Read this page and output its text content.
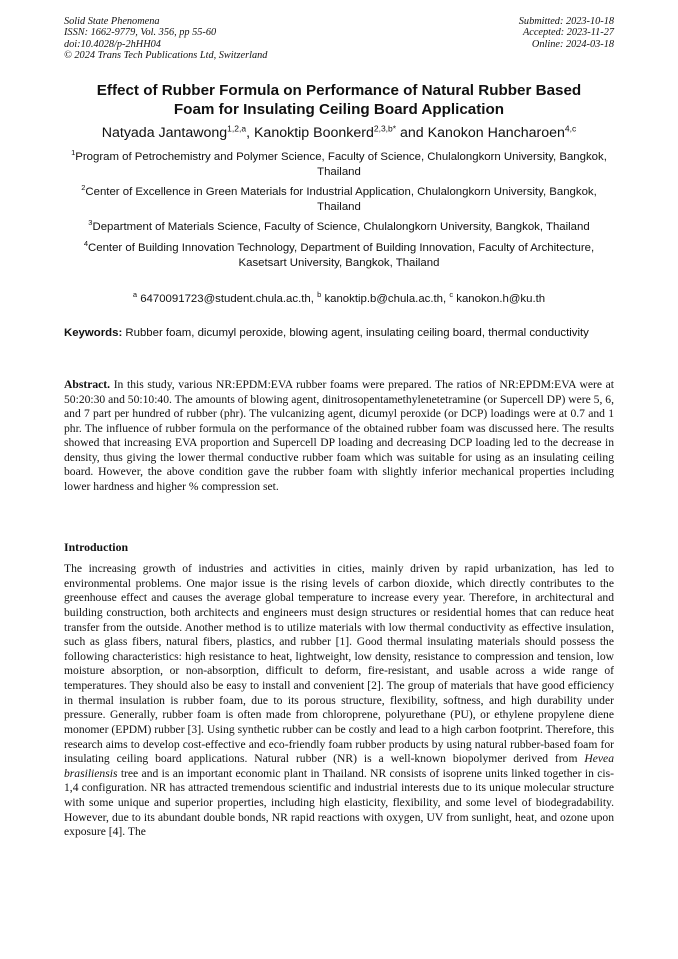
Solid State Phenomena
ISSN: 1662-9779, Vol. 356, pp 55-60
doi:10.4028/p-2hHH04
© 2024 Trans Tech Publications Ltd, Switzerland
Submitted: 2023-10-18
Accepted: 2023-11-27
Online: 2024-03-18
Effect of Rubber Formula on Performance of Natural Rubber Based
Foam for Insulating Ceiling Board Application
Natyada Jantawong$^{1,2,a}$, Kanoktip Boonkerd$^{2,3,b*}$ and Kanokon Hancharoen$^{4,c}$
$^1$Program of Petrochemistry and Polymer Science, Faculty of Science, Chulalongkorn University, Bangkok, Thailand
$^2$Center of Excellence in Green Materials for Industrial Application, Chulalongkorn University, Bangkok, Thailand
$^3$Department of Materials Science, Faculty of Science, Chulalongkorn University, Bangkok, Thailand
$^4$Center of Building Innovation Technology, Department of Building Innovation, Faculty of Architecture, Kasetsart University, Bangkok, Thailand
$^a$ 6470091723@student.chula.ac.th, $^b$ kanoktip.b@chula.ac.th, $^c$ kanokon.h@ku.th
Keywords: Rubber foam, dicumyl peroxide, blowing agent, insulating ceiling board, thermal conductivity
Abstract. In this study, various NR:EPDM:EVA rubber foams were prepared. The ratios of NR:EPDM:EVA were at 50:20:30 and 50:10:40. The amounts of blowing agent, dinitrosopentamethylenetetramine (or Supercell DP) were 5, 6, and 7 part per hundred of rubber (phr). The vulcanizing agent, dicumyl peroxide (or DCP) loadings were at 0.7 and 1 phr. The influence of rubber formula on the performance of the obtained rubber foam was discussed here. The results showed that increasing EVA proportion and Supercell DP loading and decreasing DCP loading led to the decrease in density, thus giving the lower thermal conductive rubber foam which was suitable for using as an insulating ceiling board. However, the above condition gave the rubber foam with slightly inferior mechanical properties including lower hardness and higher % compression set.
Introduction
The increasing growth of industries and activities in cities, mainly driven by rapid urbanization, has led to environmental problems. One major issue is the rising levels of carbon dioxide, which directly contributes to the greenhouse effect and causes the average global temperature to increase every year. Therefore, in architectural and building construction, both architects and engineers must design structures or residential homes that can reduce heat transfer from the outside. Another method is to utilize materials with low thermal conductivity as effective insulation, such as glass fibers, natural fibers, plastics, and rubber [1]. Good thermal insulating materials should possess the following characteristics: high resistance to heat, lightweight, low density, resistance to compression and tension, low moisture absorption, or non-absorption, difficult to deform, fire-resistant, and usable across a wide range of temperatures. They should also be easy to install and convenient [2]. The group of materials that have good efficiency in thermal insulation is rubber foam, due to its porous structure, flexibility, softness, and high durability under pressure. Generally, rubber foam is often made from chloroprene, polyurethane (PU), or ethylene propylene diene monomer (EPDM) rubber [3]. Using synthetic rubber can be costly and lead to a high carbon footprint. Therefore, this research aims to develop cost-effective and eco-friendly foam rubber products by using natural rubber-based foam for insulating ceiling board applications. Natural rubber (NR) is a well-known biopolymer derived from Hevea brasiliensis tree and is an important economic plant in Thailand. NR consists of isoprene units linked together in cis-1,4 configuration. NR has attracted tremendous scientific and industrial interests due to its unique molecular structure with some unique and superior properties, including high elasticity, flexibility, and some level of biodegradability. However, due to its abundant double bonds, NR rapid reactions with oxygen, UV from sunlight, heat, and ozone upon exposure [4]. The
